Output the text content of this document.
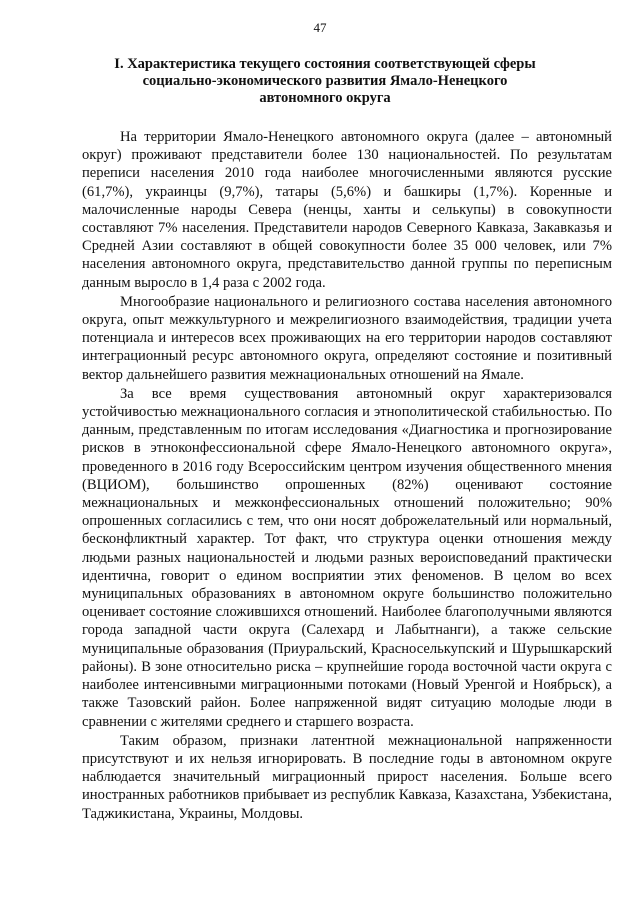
47
I. Характеристика текущего состояния соответствующей сферы
социально-экономического развития Ямало-Ненецкого
автономного округа

На территории Ямало-Ненецкого автономного округа (далее – автономный округ) проживают представители более 130 национальностей. По результатам переписи населения 2010 года наиболее многочисленными являются русские (61,7%), украинцы (9,7%), татары (5,6%) и башкиры (1,7%). Коренные и малочисленные народы Севера (ненцы, ханты и селькупы) в совокупности составляют 7% населения. Представители народов Северного Кавказа, Закавказья и Средней Азии составляют в общей совокупности более 35 000 человек, или 7% населения автономного округа, представительство данной группы по переписным данным выросло в 1,4 раза с 2002 года.

Многообразие национального и религиозного состава населения автономного округа, опыт межкультурного и межрелигиозного взаимодействия, традиции учета потенциала и интересов всех проживающих на его территории народов составляют интеграционный ресурс автономного округа, определяют состояние и позитивный вектор дальнейшего развития межнациональных отношений на Ямале.

За все время существования автономный округ характеризовался устойчивостью межнационального согласия и этнополитической стабильностью. По данным, представленным по итогам исследования «Диагностика и прогнозирование рисков в этноконфессиональной сфере Ямало-Ненецкого автономного округа», проведенного в 2016 году Всероссийским центром изучения общественного мнения (ВЦИОМ), большинство опрошенных (82%) оценивают состояние межнациональных и межконфессиональных отношений положительно; 90% опрошенных согласились с тем, что они носят доброжелательный или нормальный, бесконфликтный характер. Тот факт, что структура оценки отношения между людьми разных национальностей и людьми разных вероисповеданий практически идентична, говорит о едином восприятии этих феноменов. В целом во всех муниципальных образованиях в автономном округе большинство положительно оценивает состояние сложившихся отношений. Наиболее благополучными являются города западной части округа (Салехард и Лабытнанги), а также сельские муниципальные образования (Приуральский, Красноселькупский и Шурышкарский районы). В зоне относительно риска – крупнейшие города восточной части округа с наиболее интенсивными миграционными потоками (Новый Уренгой и Ноябрьск), а также Тазовский район. Более напряженной видят ситуацию молодые люди в сравнении с жителями среднего и старшего возраста.

Таким образом, признаки латентной межнациональной напряженности присутствуют и их нельзя игнорировать. В последние годы в автономном округе наблюдается значительный миграционный прирост населения. Больше всего иностранных работников прибывает из республик Кавказа, Казахстана, Узбекистана, Таджикистана, Украины, Молдовы.
